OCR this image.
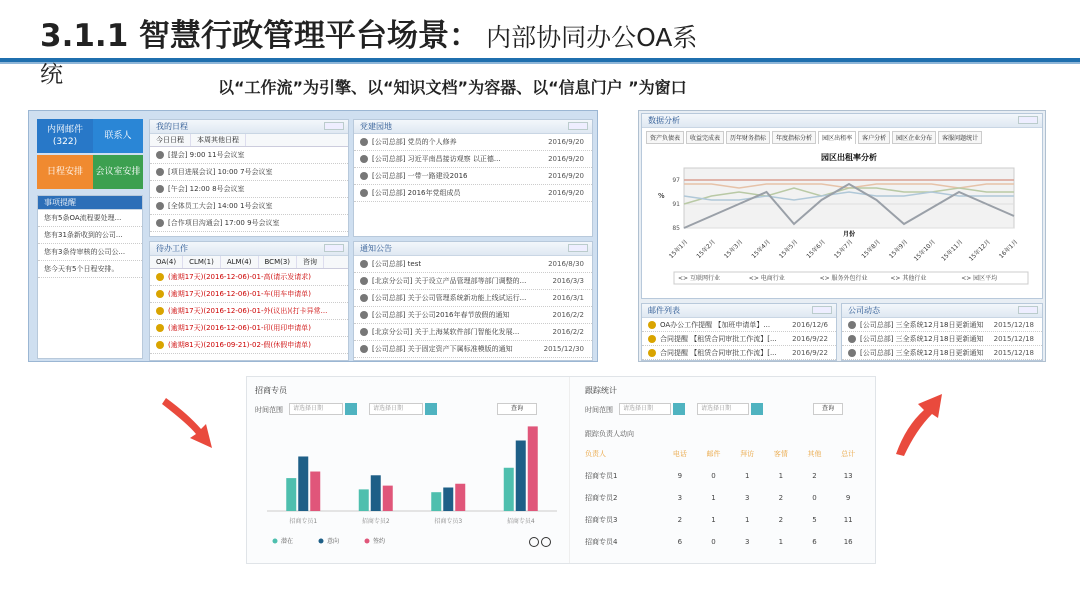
3.1.1 智慧行政管理平台场景： 内部协同办公OA系
统	以“工作流”为引擎、以“知识文档”为容器、以“信息门户 ”为窗口
内网邮件
(322)
联系人
日程安排	会议室安排
事项提醒
您有5条OA流程要处理...
您有31条新收到的公司...
您有3条待审核的公司公...
您今天有5个日程安排。
我的日程
今日日程	本周其他日程
[提会] 9:00 11号会议室
[项目进展会议] 10:00 7号会议室
[午会] 12:00 8号会议室
[全体员工大会] 14:00 1号会议室
[合作项目沟通会] 17:00 9号会议室
党建园地
[公司总部] 党员的个人修养	2016/9/20
[公司总部] 习近平南昌接访观察 以正德...	2016/9/20
[公司总部] 一带一路建设2016	2016/9/20
[公司总部] 2016年党组成员	2016/9/20
待办工作
OA(4)	CLM(1)	ALM(4)	BCM(3)	咨询
(逾期17天)(2016-12-06)-01-高(请示发请求)
(逾期17天)(2016-12-06)-01-车(用车申请单)
(逾期17天)(2016-12-06)-01-外(议出)(打卡异常...
(逾期17天)(2016-12-06)-01-印(用印申请单)
(逾期81天)(2016-09-21)-02-假(休假申请单)
通知公告
[公司总部] test	2016/8/30
[北京分公司] 关于设立产品管理部等部门调整的...	2016/3/3
[公司总部] 关于公司管理系统新功能上线试运行...	2016/3/1
[公司总部] 关于公司2016年春节放假的通知	2016/2/2
[北京分公司] 关于上海某软件部门智能化发展...	2016/2/2
[公司总部] 关于固定资产下属标准模版的通知	2015/12/30
数据分析
资产负债表	收益完成表	历年财务指标	年度指标分析	园区出租率	客户分析	园区企业分布	客服问题统计
园区出租率分析
85
91
97
%
月份
15年1月 15年2月 15年3月 15年4月 15年5月 15年6月 15年7月 15年8月 15年9月 15年10月 15年11月 15年12月 16年1月
<> 互联网行业	<> 电商行业	<> 服务外包行业	<> 其他行业	<> 园区平均
邮件列表
OA办公工作提醒 【加班申请单】...	2016/12/6
合同提醒 【租赁合同审批工作流】[... 2016/9/22
合同提醒 【租赁合同审批工作流】[... 2016/9/22
公司动态
[公司总部] 三全系统12月18日更新通知 2015/12/18
[公司总部] 三全系统12月18日更新通知 2015/12/18
[公司总部] 三全系统12月18日更新通知 2015/12/18
招商专员
时间范围	请选择日期	请选择日期	查询
招商专员1	招商专员2	招商专员3	招商专员4
潜在	意向	签约
跟踪统计
时间范围	请选择日期	请选择日期	查询
跟踪负责人动向
负责人	电话	邮件	拜访	客情	其他	总计
招商专员1	9	0	1	1	2	13
招商专员2	3	1	3	2	0	9
招商专员3	2	1	1	2	5	11
招商专员4	6	0	3	1	6	16
